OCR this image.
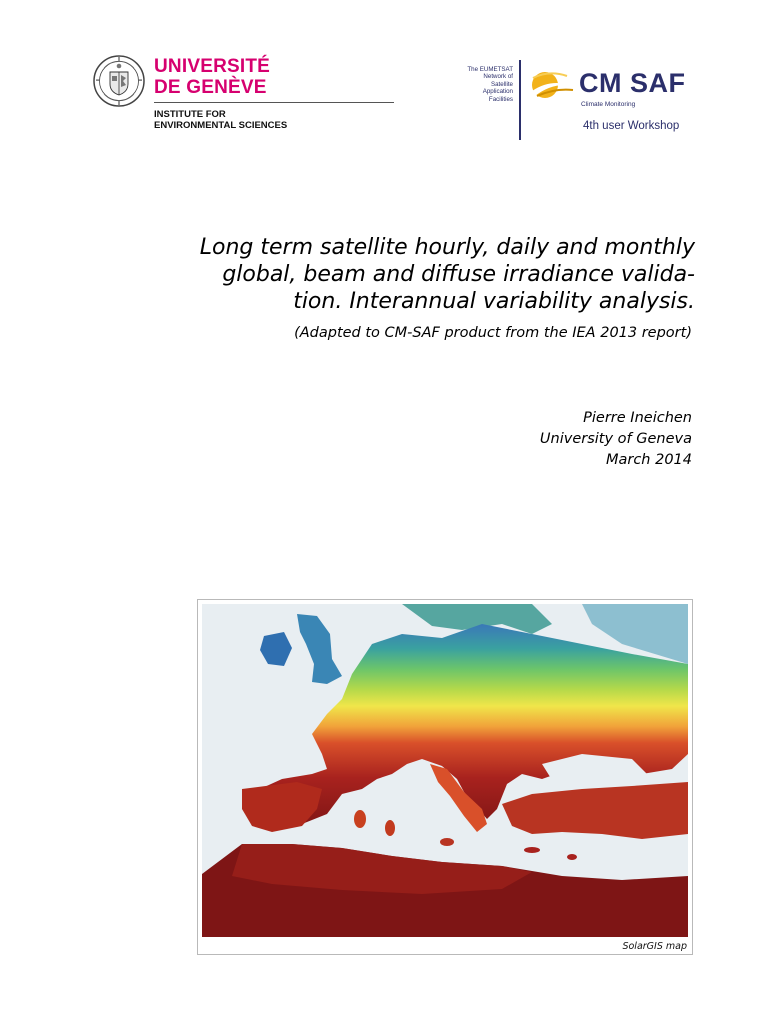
UNIVERSITÉ
DE GENÈVE
INSTITUTE FOR
ENVIRONMENTAL SCIENCES
The EUMETSAT
Network of
Satellite
Application
Facilities
CM SAF
Climate Monitoring
4th user Workshop
Long term satellite hourly, daily and monthly
global, beam and diffuse irradiance valida-
tion. Interannual variability analysis.
(Adapted to CM-SAF product from the IEA 2013 report)
Pierre Ineichen
University of Geneva
March 2014
SolarGIS map
